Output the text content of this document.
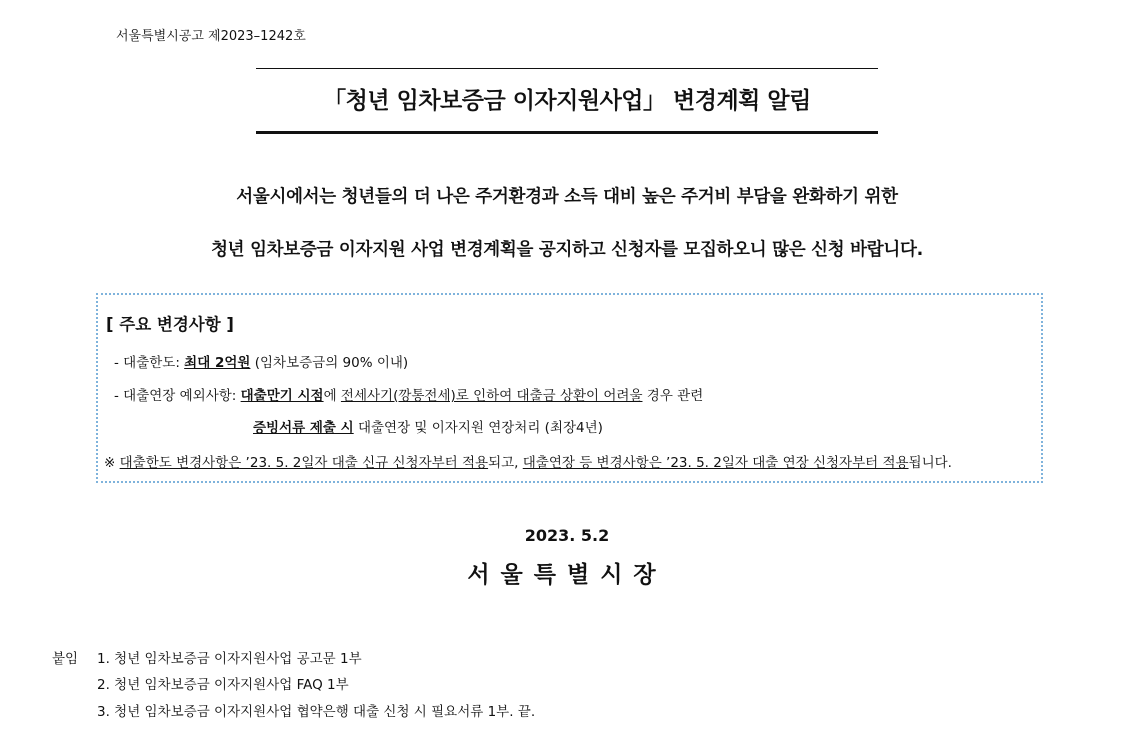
서울특별시공고 제2023–1242호
「청년 임차보증금 이자지원사업」 변경계획 알림
서울시에서는 청년들의 더 나은 주거환경과 소득 대비 높은 주거비 부담을 완화하기 위한
청년 임차보증금 이자지원 사업 변경계획을 공지하고 신청자를 모집하오니 많은 신청 바랍니다.
[ 주요 변경사항 ]
- 대출한도: 최대 2억원 (임차보증금의 90% 이내)
- 대출연장 예외사항: 대출만기 시점에 전세사기(깡통전세)로 인하여 대출금 상환이 어려울 경우 관련
증빙서류 제출 시 대출연장 및 이자지원 연장처리 (최장4년)
※ 대출한도 변경사항은 ’23. 5. 2일자 대출 신규 신청자부터 적용되고, 대출연장 등 변경사항은 ’23. 5. 2일자 대출 연장 신청자부터 적용됩니다.
2023. 5.2
서울특별시장
붙임 1. 청년 임차보증금 이자지원사업 공고문 1부
2. 청년 임차보증금 이자지원사업 FAQ 1부
3. 청년 임차보증금 이자지원사업 협약은행 대출 신청 시 필요서류 1부. 끝.
